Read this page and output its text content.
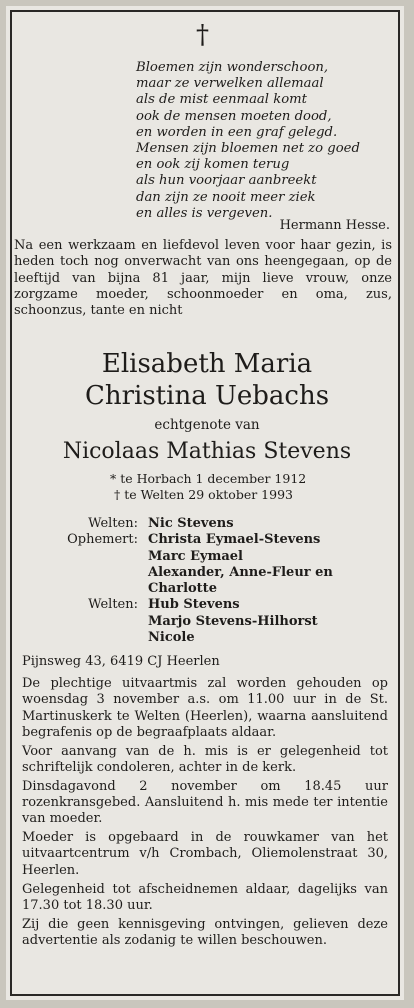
†
Bloemen zijn wonderschoon,
maar ze verwelken allemaal
als de mist eenmaal komt
ook de mensen moeten dood,
en worden in een graf gelegd.
Mensen zijn bloemen net zo goed
en ook zij komen terug
als hun voorjaar aanbreekt
dan zijn ze nooit meer ziek
en alles is vergeven.
Hermann Hesse.
Na een werkzaam en liefdevol leven voor haar gezin, is heden toch nog onverwacht van ons heengegaan, op de leeftijd van bijna 81 jaar, mijn lieve vrouw, onze zorgzame moeder, schoonmoeder en oma, zus, schoonzus, tante en nicht
Elisabeth Maria
Christina Uebachs
echtgenote van
Nicolaas Mathias Stevens
* te Horbach 1 december 1912
† te Welten 29 oktober 1993
Welten: Nic Stevens
Ophemert: Christa Eymael-Stevens
Marc Eymael
Alexander, Anne-Fleur en
Charlotte
Welten: Hub Stevens
Marjo Stevens-Hilhorst
Nicole
Pijnsweg 43, 6419 CJ Heerlen

De plechtige uitvaartmis zal worden gehouden op woensdag 3 november a.s. om 11.00 uur in de St. Martinuskerk te Welten (Heerlen), waarna aansluitend begrafenis op de begraafplaats aldaar.

Voor aanvang van de h. mis is er gelegenheid tot schriftelijk condoleren, achter in de kerk.

Dinsdagavond 2 november om 18.45 uur rozenkransgebed. Aansluitend h. mis mede ter intentie van moeder.

Moeder is opgebaard in de rouwkamer van het uitvaartcentrum v/h Crombach, Oliemolenstraat 30, Heerlen.

Gelegenheid tot afscheidnemen aldaar, dagelijks van 17.30 tot 18.30 uur.

Zij die geen kennisgeving ontvingen, gelieven deze advertentie als zodanig te willen beschouwen.
